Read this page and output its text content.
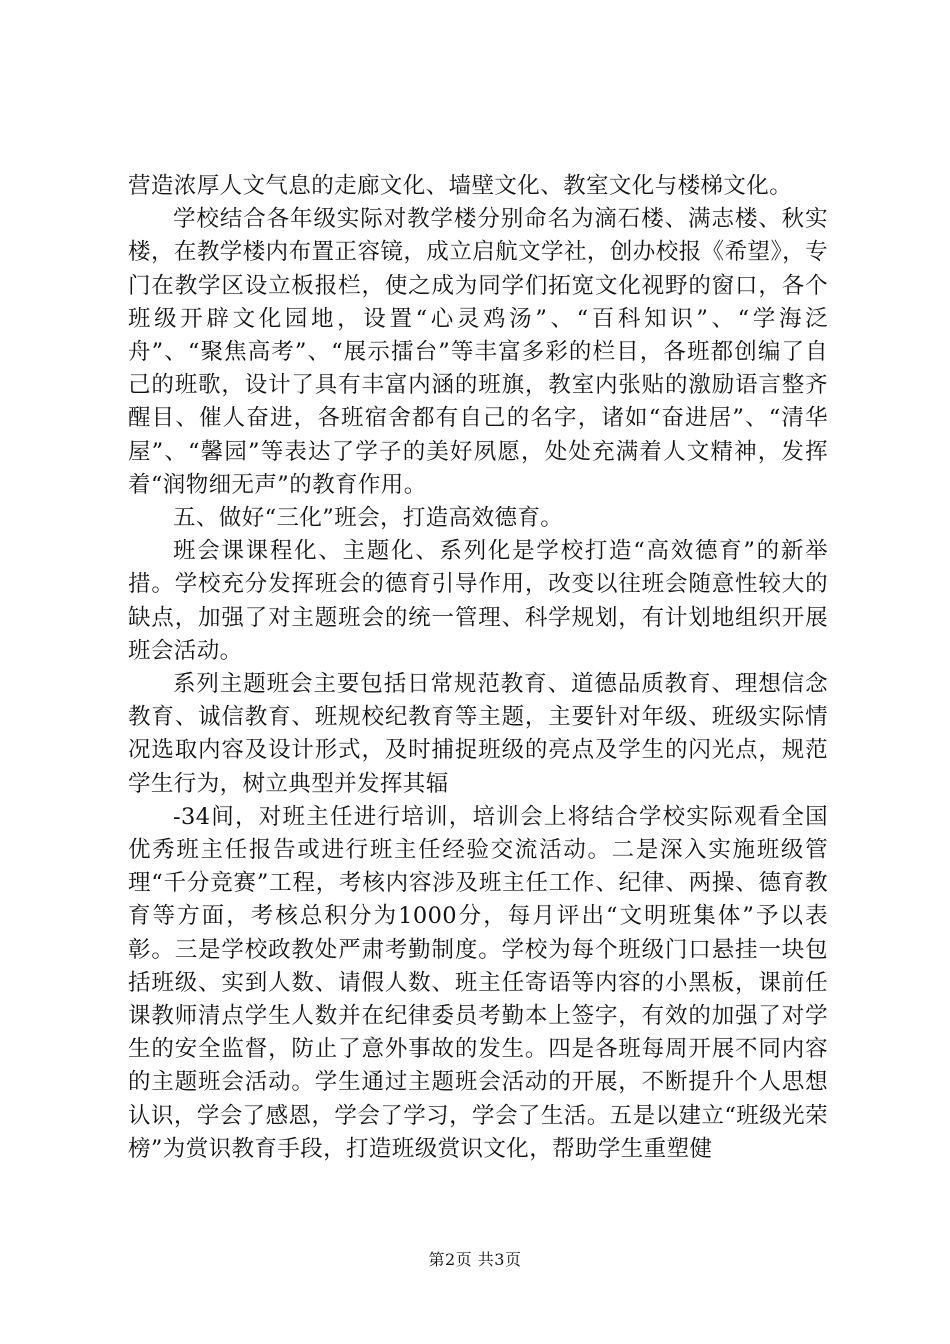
营造浓厚人文气息的走廊文化、墙壁文化、教室文化与楼梯文化。

学校结合各年级实际对教学楼分别命名为滴石楼、满志楼、秋实楼，在教学楼内布置正容镜，成立启航文学社，创办校报《希望》，专门在教学区设立板报栏，使之成为同学们拓宽文化视野的窗口，各个班级开辟文化园地，设置“心灵鸡汤”、“百科知识”、“学海泛舟”、“聚焦高考”、“展示擂台”等丰富多彩的栏目，各班都创编了自己的班歌，设计了具有丰富内涵的班旗，教室内张贴的激励语言整齐醒目、催人奋进，各班宿舍都有自己的名字，诸如“奋进居”、“清华屋”、“馨园”等表达了学子的美好夙愿，处处充满着人文精神，发挥着“润物细无声”的教育作用。

五、做好“三化”班会，打造高效德育。

班会课课程化、主题化、系列化是学校打造“高效德育”的新举措。学校充分发挥班会的德育引导作用，改变以往班会随意性较大的缺点，加强了对主题班会的统一管理、科学规划，有计划地组织开展班会活动。

系列主题班会主要包括日常规范教育、道德品质教育、理想信念教育、诚信教育、班规校纪教育等主题，主要针对年级、班级实际情况选取内容及设计形式，及时捕捉班级的亮点及学生的闪光点，规范学生行为，树立典型并发挥其辐

-34间，对班主任进行培训，培训会上将结合学校实际观看全国优秀班主任报告或进行班主任经验交流活动。二是深入实施班级管理“千分竞赛”工程，考核内容涉及班主任工作、纪律、两操、德育教育等方面，考核总积分为1000分，每月评出“文明班集体”予以表彰。三是学校政教处严肃考勤制度。学校为每个班级门口悬挂一块包括班级、实到人数、请假人数、班主任寄语等内容的小黑板，课前任课教师清点学生人数并在纪律委员考勤本上签字，有效的加强了对学生的安全监督，防止了意外事故的发生。四是各班每周开展不同内容的主题班会活动。学生通过主题班会活动的开展，不断提升个人思想认识，学会了感恩，学会了学习，学会了生活。五是以建立“班级光荣榜”为赏识教育手段，打造班级赏识文化，帮助学生重塑健

第2页 共3页
